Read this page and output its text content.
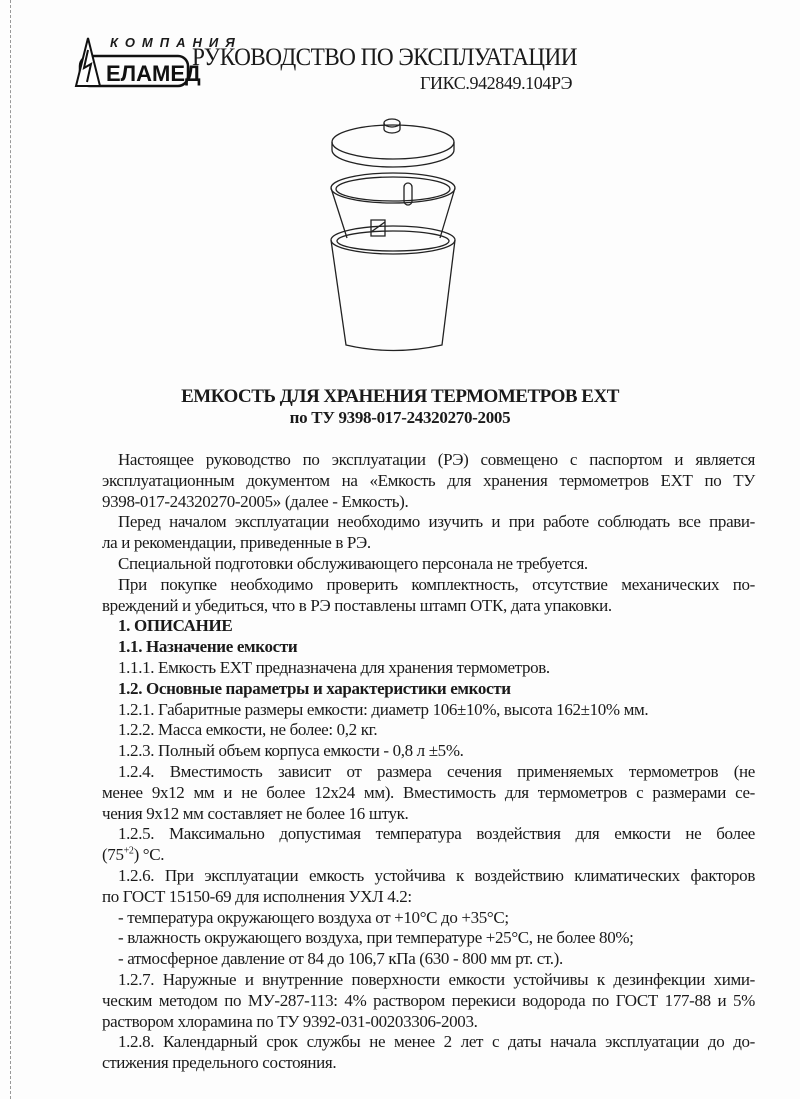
ЕЛАМЕД
КОМПАНИЯ
РУКОВОДСТВО ПО ЭКСПЛУАТАЦИИ
ГИКС.942849.104РЭ
ЕМКОСТЬ ДЛЯ ХРАНЕНИЯ ТЕРМОМЕТРОВ ЕХТ
по ТУ 9398-017-24320270-2005
Настоящее руководство по эксплуатации (РЭ) совмещено с паспортом и является
эксплуатационным документом на «Емкость для хранения термометров ЕХТ по ТУ
9398-017-24320270-2005» (далее - Емкость).
Перед началом эксплуатации необходимо изучить и при работе соблюдать все прави-
ла и рекомендации, приведенные в РЭ.
Специальной подготовки обслуживающего персонала не требуется.
При покупке необходимо проверить комплектность, отсутствие механических по-
вреждений и убедиться, что в РЭ поставлены штамп ОТК, дата упаковки.
1. ОПИСАНИЕ
1.1. Назначение емкости
1.1.1. Емкость ЕХТ предназначена для хранения термометров.
1.2. Основные параметры и характеристики емкости
1.2.1. Габаритные размеры емкости: диаметр 106±10%, высота 162±10% мм.
1.2.2. Масса емкости, не более: 0,2 кг.
1.2.3. Полный объем корпуса емкости - 0,8 л ±5%.
1.2.4. Вместимость зависит от размера сечения применяемых термометров (не
менее 9х12 мм и не более 12х24 мм). Вместимость для термометров с размерами се-
чения 9х12 мм составляет не более 16 штук.
1.2.5. Максимально допустимая температура воздействия для емкости не более
$(75^{+2})$ °С.
1.2.6. При эксплуатации емкость устойчива к воздействию климатических факторов
по ГОСТ 15150-69 для исполнения УХЛ 4.2:
- температура окружающего воздуха от +10°С до +35°С;
- влажность окружающего воздуха, при температуре +25°С, не более 80%;
- атмосферное давление от 84 до 106,7 кПа (630 - 800 мм рт. ст.).
1.2.7. Наружные и внутренние поверхности емкости устойчивы к дезинфекции хими-
ческим методом по МУ-287-113: 4% раствором перекиси водорода по ГОСТ 177-88 и 5%
раствором хлорамина по ТУ 9392-031-00203306-2003.
1.2.8. Календарный срок службы не менее 2 лет с даты начала эксплуатации до до-
стижения предельного состояния.
